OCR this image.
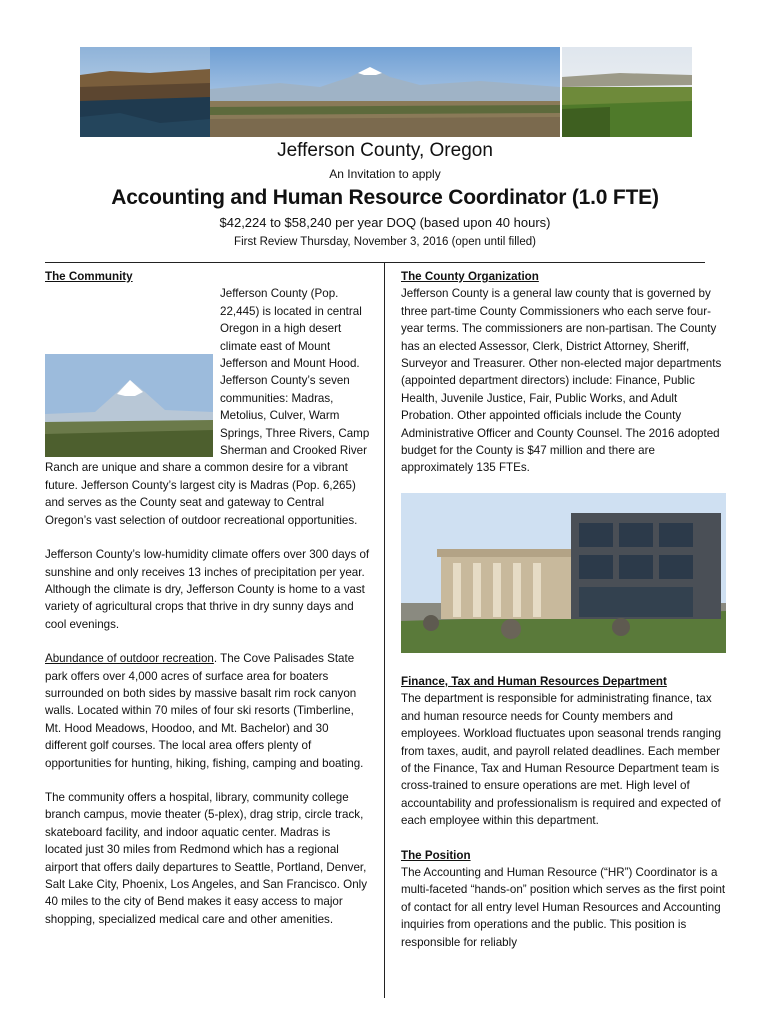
Jefferson County, Oregon
An Invitation to apply
Accounting and Human Resource Coordinator (1.0 FTE)
$42,224 to $58,240 per year DOQ (based upon 40 hours)
First Review Thursday, November 3, 2016 (open until filled)
The Community
Jefferson County (Pop. 22,445) is located in central Oregon in a high desert climate east of Mount Jefferson and Mount Hood. Jefferson County’s seven communities: Madras, Metolius, Culver, Warm Springs, Three Rivers, Camp Sherman and Crooked River Ranch are unique and share a common desire for a vibrant future. Jefferson County’s largest city is Madras (Pop. 6,265) and serves as the County seat and gateway to Central Oregon’s vast selection of outdoor recreational opportunities.

Jefferson County’s low-humidity climate offers over 300 days of sunshine and only receives 13 inches of precipitation per year. Although the climate is dry, Jefferson County is home to a vast variety of agricultural crops that thrive in dry sunny days and cool evenings.

Abundance of outdoor recreation. The Cove Palisades State park offers over 4,000 acres of surface area for boaters surrounded on both sides by massive basalt rim rock canyon walls. Located within 70 miles of four ski resorts (Timberline, Mt. Hood Meadows, Hoodoo, and Mt. Bachelor) and 30 different golf courses. The local area offers plenty of opportunities for hunting, hiking, fishing, camping and boating.

The community offers a hospital, library, community college branch campus, movie theater (5-plex), drag strip, circle track, skateboard facility, and indoor aquatic center. Madras is located just 30 miles from Redmond which has a regional airport that offers daily departures to Seattle, Portland, Denver, Salt Lake City, Phoenix, Los Angeles, and San Francisco. Only 40 miles to the city of Bend makes it easy access to major shopping, specialized medical care and other amenities.

The County Organization
Jefferson County is a general law county that is governed by three part-time County Commissioners who each serve four-year terms. The commissioners are non-partisan. The County has an elected Assessor, Clerk, District Attorney, Sheriff, Surveyor and Treasurer. Other non-elected major departments (appointed department directors) include: Finance, Public Health, Juvenile Justice, Fair, Public Works, and Adult Probation. Other appointed officials include the County Administrative Officer and County Counsel. The 2016 adopted budget for the County is $47 million and there are approximately 135 FTEs.
Finance, Tax and Human Resources Department

The department is responsible for administrating finance, tax and human resource needs for County members and employees. Workload fluctuates upon seasonal trends ranging from taxes, audit, and payroll related deadlines. Each member of the Finance, Tax and Human Resource Department team is cross-trained to ensure operations are met. High level of accountability and professionalism is required and expected of each employee within this department.

The Position
The Accounting and Human Resource (“HR”) Coordinator is a multi-faceted “hands-on” position which serves as the first point of contact for all entry level Human Resources and Accounting inquiries from operations and the public. This position is responsible for reliably
